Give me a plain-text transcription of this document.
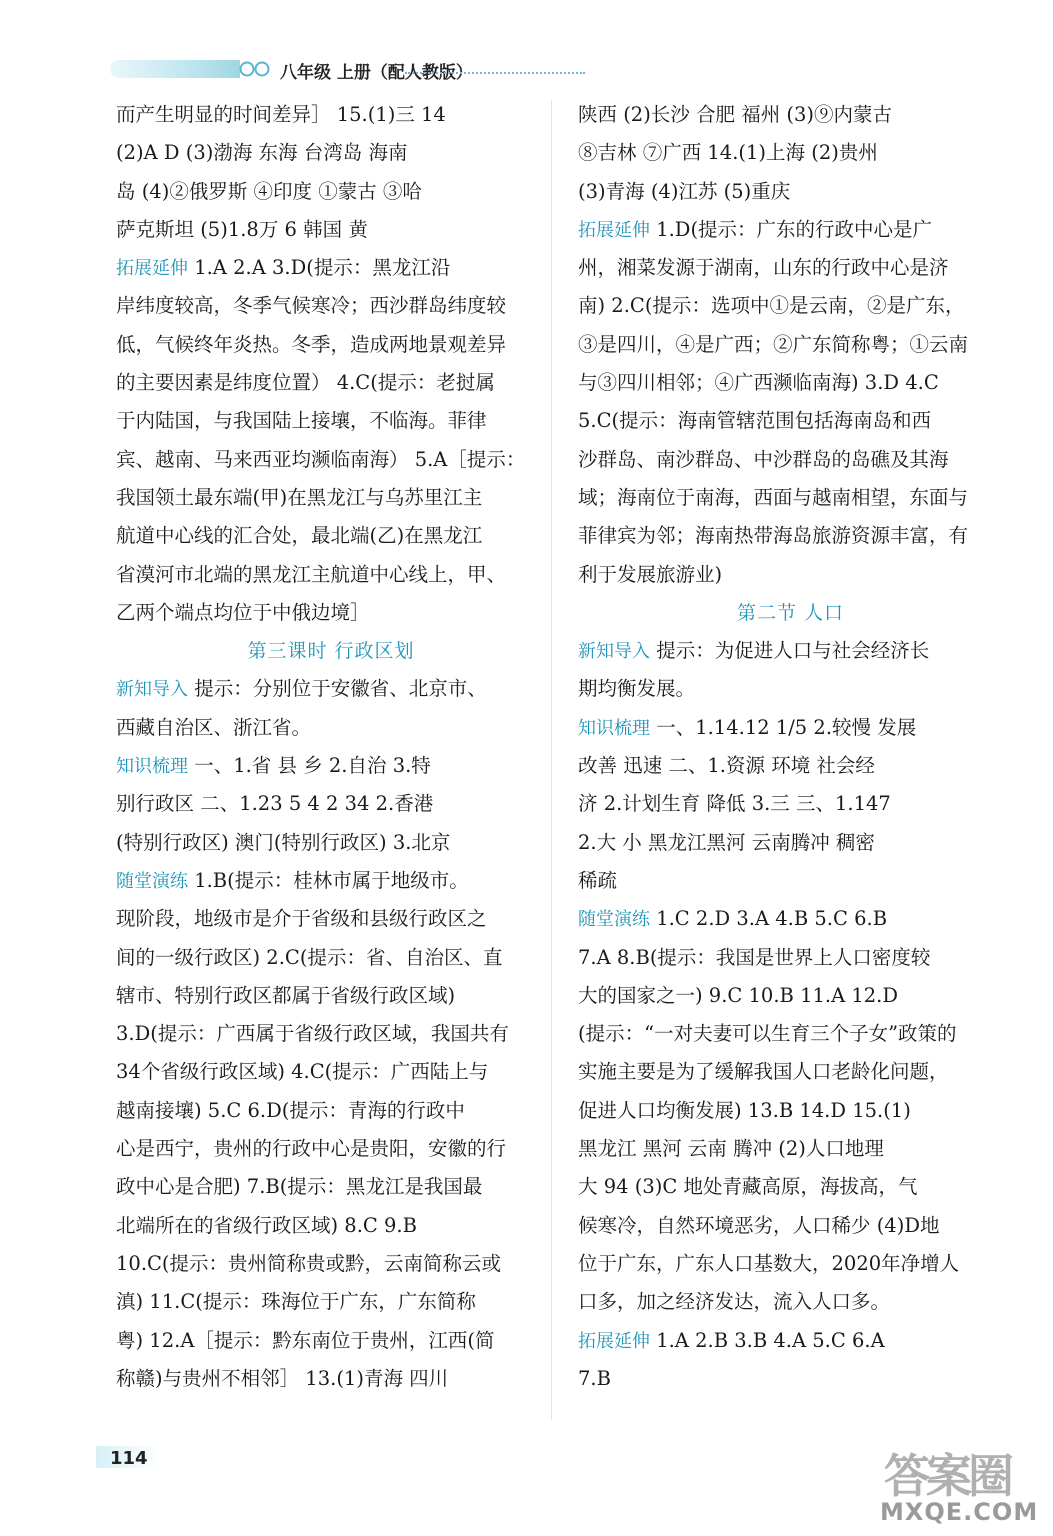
八年级 上册（配人教版）
而产生明显的时间差异］ 15.(1)三 14
(2)A D (3)渤海 东海 台湾岛 海南
岛 (4)②俄罗斯 ④印度 ①蒙古 ③哈
萨克斯坦 (5)1.8万 6 韩国 黄
拓展延伸 1.A 2.A 3.D(提示：黑龙江沿
岸纬度较高，冬季气候寒冷；西沙群岛纬度较
低，气候终年炎热。冬季，造成两地景观差异
的主要因素是纬度位置） 4.C(提示：老挝属
于内陆国，与我国陆上接壤，不临海。菲律
宾、越南、马来西亚均濒临南海） 5.A［提示：
我国领土最东端(甲)在黑龙江与乌苏里江主
航道中心线的汇合处，最北端(乙)在黑龙江
省漠河市北端的黑龙江主航道中心线上，甲、
乙两个端点均位于中俄边境］
第三课时 行政区划
新知导入 提示：分别位于安徽省、北京市、
西藏自治区、浙江省。
知识梳理 一、1.省 县 乡 2.自治 3.特
别行政区 二、1.23 5 4 2 34 2.香港
(特别行政区) 澳门(特别行政区) 3.北京
随堂演练 1.B(提示：桂林市属于地级市。
现阶段，地级市是介于省级和县级行政区之
间的一级行政区) 2.C(提示：省、自治区、直
辖市、特别行政区都属于省级行政区域)
3.D(提示：广西属于省级行政区域，我国共有
34个省级行政区域) 4.C(提示：广西陆上与
越南接壤) 5.C 6.D(提示：青海的行政中
心是西宁，贵州的行政中心是贵阳，安徽的行
政中心是合肥) 7.B(提示：黑龙江是我国最
北端所在的省级行政区域) 8.C 9.B
10.C(提示：贵州简称贵或黔，云南简称云或
滇) 11.C(提示：珠海位于广东，广东简称
粤) 12.A［提示：黔东南位于贵州，江西(简
称赣)与贵州不相邻］ 13.(1)青海 四川
陕西 (2)长沙 合肥 福州 (3)⑨内蒙古
⑧吉林 ⑦广西 14.(1)上海 (2)贵州
(3)青海 (4)江苏 (5)重庆
拓展延伸 1.D(提示：广东的行政中心是广
州，湘菜发源于湖南，山东的行政中心是济
南) 2.C(提示：选项中①是云南，②是广东，
③是四川，④是广西；②广东简称粤；①云南
与③四川相邻；④广西濒临南海) 3.D 4.C
5.C(提示：海南管辖范围包括海南岛和西
沙群岛、南沙群岛、中沙群岛的岛礁及其海
域；海南位于南海，西面与越南相望，东面与
菲律宾为邻；海南热带海岛旅游资源丰富，有
利于发展旅游业)
第二节 人口
新知导入 提示：为促进人口与社会经济长
期均衡发展。
知识梳理 一、1.14.12 1/5 2.较慢 发展
改善 迅速 二、1.资源 环境 社会经
济 2.计划生育 降低 3.三 三、1.147
2.大 小 黑龙江黑河 云南腾冲 稠密
稀疏
随堂演练 1.C 2.D 3.A 4.B 5.C 6.B
7.A 8.B(提示：我国是世界上人口密度较
大的国家之一) 9.C 10.B 11.A 12.D
(提示：“一对夫妻可以生育三个子女”政策的
实施主要是为了缓解我国人口老龄化问题，
促进人口均衡发展) 13.B 14.D 15.(1)
黑龙江 黑河 云南 腾冲 (2)人口地理
大 94 (3)C 地处青藏高原，海拔高，气
候寒冷，自然环境恶劣，人口稀少 (4)D地
位于广东，广东人口基数大，2020年净增人
口多，加之经济发达，流入人口多。
拓展延伸 1.A 2.B 3.B 4.A 5.C 6.A
7.B
114	答案圈
MXQE.COM
